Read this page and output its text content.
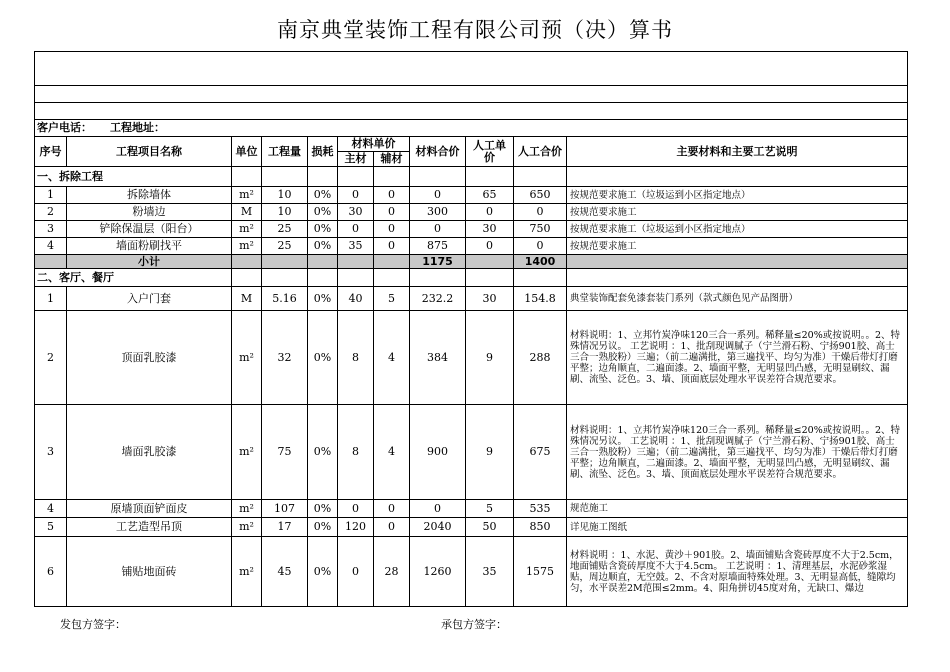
南京典堂装饰工程有限公司预（决）算书

客户电话： 工程地址：										
序号	工程项目名称	单位	工程量	损耗	材料单价		材料合价	人工单价	人工合价	主要材料和主要工艺说明
					主材	辅材				
一、拆除工程										
1	拆除墙体	m²	10	0%	0	0	0	65	650	按规范要求施工（垃圾运到小区指定地点）
2	粉墙边	M	10	0%	30	0	300	0	0	按规范要求施工
3	铲除保温层（阳台）	m²	25	0%	0	0	0	30	750	按规范要求施工（垃圾运到小区指定地点）
4	墙面粉刷找平	m²	25	0%	35	0	875	0	0	按规范要求施工
	小计						1175		1400	
二、客厅、餐厅										
1	入户门套	M	5.16	0%	40	5	232.2	30	154.8	典堂装饰配套免漆套装门系列（款式颜色见产品图册）
2	顶面乳胶漆	m²	32	0%	8	4	384	9	288	材料说明：1、立邦竹炭净味120三合一系列。稀释量≤20%或按说明。。2、特殊情况另议。 工艺说明 ：1、批刮现调腻子（宁兰滑石粉、宁扬901胶、高士三合一熟胶粉）三遍；（前二遍满批，第三遍找平、均匀为准）干燥后带灯打磨平整；边角顺直，二遍面漆。2、墙面平整，无明显凹凸感，无明显刷纹、漏刷、流坠、泛色。3、墙、顶面底层处理水平误差符合规范要求。
3	墙面乳胶漆	m²	75	0%	8	4	900	9	675	材料说明：1、立邦竹炭净味120三合一系列。稀释量≤20%或按说明。。2、特殊情况另议。 工艺说明 ：1、批刮现调腻子（宁兰滑石粉、宁扬901胶、高士三合一熟胶粉）三遍；（前二遍满批，第三遍找平、均匀为准）干燥后带灯打磨平整；边角顺直，二遍面漆。2、墙面平整，无明显凹凸感，无明显刷纹、漏刷、流坠、泛色。3、墙、顶面底层处理水平误差符合规范要求。
4	原墙顶面铲面皮	m²	107	0%	0	0	0	5	535	规范施工
5	工艺造型吊顶	m²	17	0%	120	0	2040	50	850	详见施工图纸
6	铺贴地面砖	m²	45	0%	0	28	1260	35	1575	材料说明 ：1、水泥、黄沙＋901胶。2、墙面铺贴含瓷砖厚度不大于2.5cm，地面铺贴含瓷砖厚度不大于4.5cm。 工艺说明 ：1、清理基层，水泥砂浆湿贴，周边顺直，无空鼓。2、不含对原墙面特殊处理。3、无明显高低，缝隙均匀，水平误差2M范围≤2mm。4、阳角拼切45度对角，无缺口、爆边
发包方签字：	承包方签字：
